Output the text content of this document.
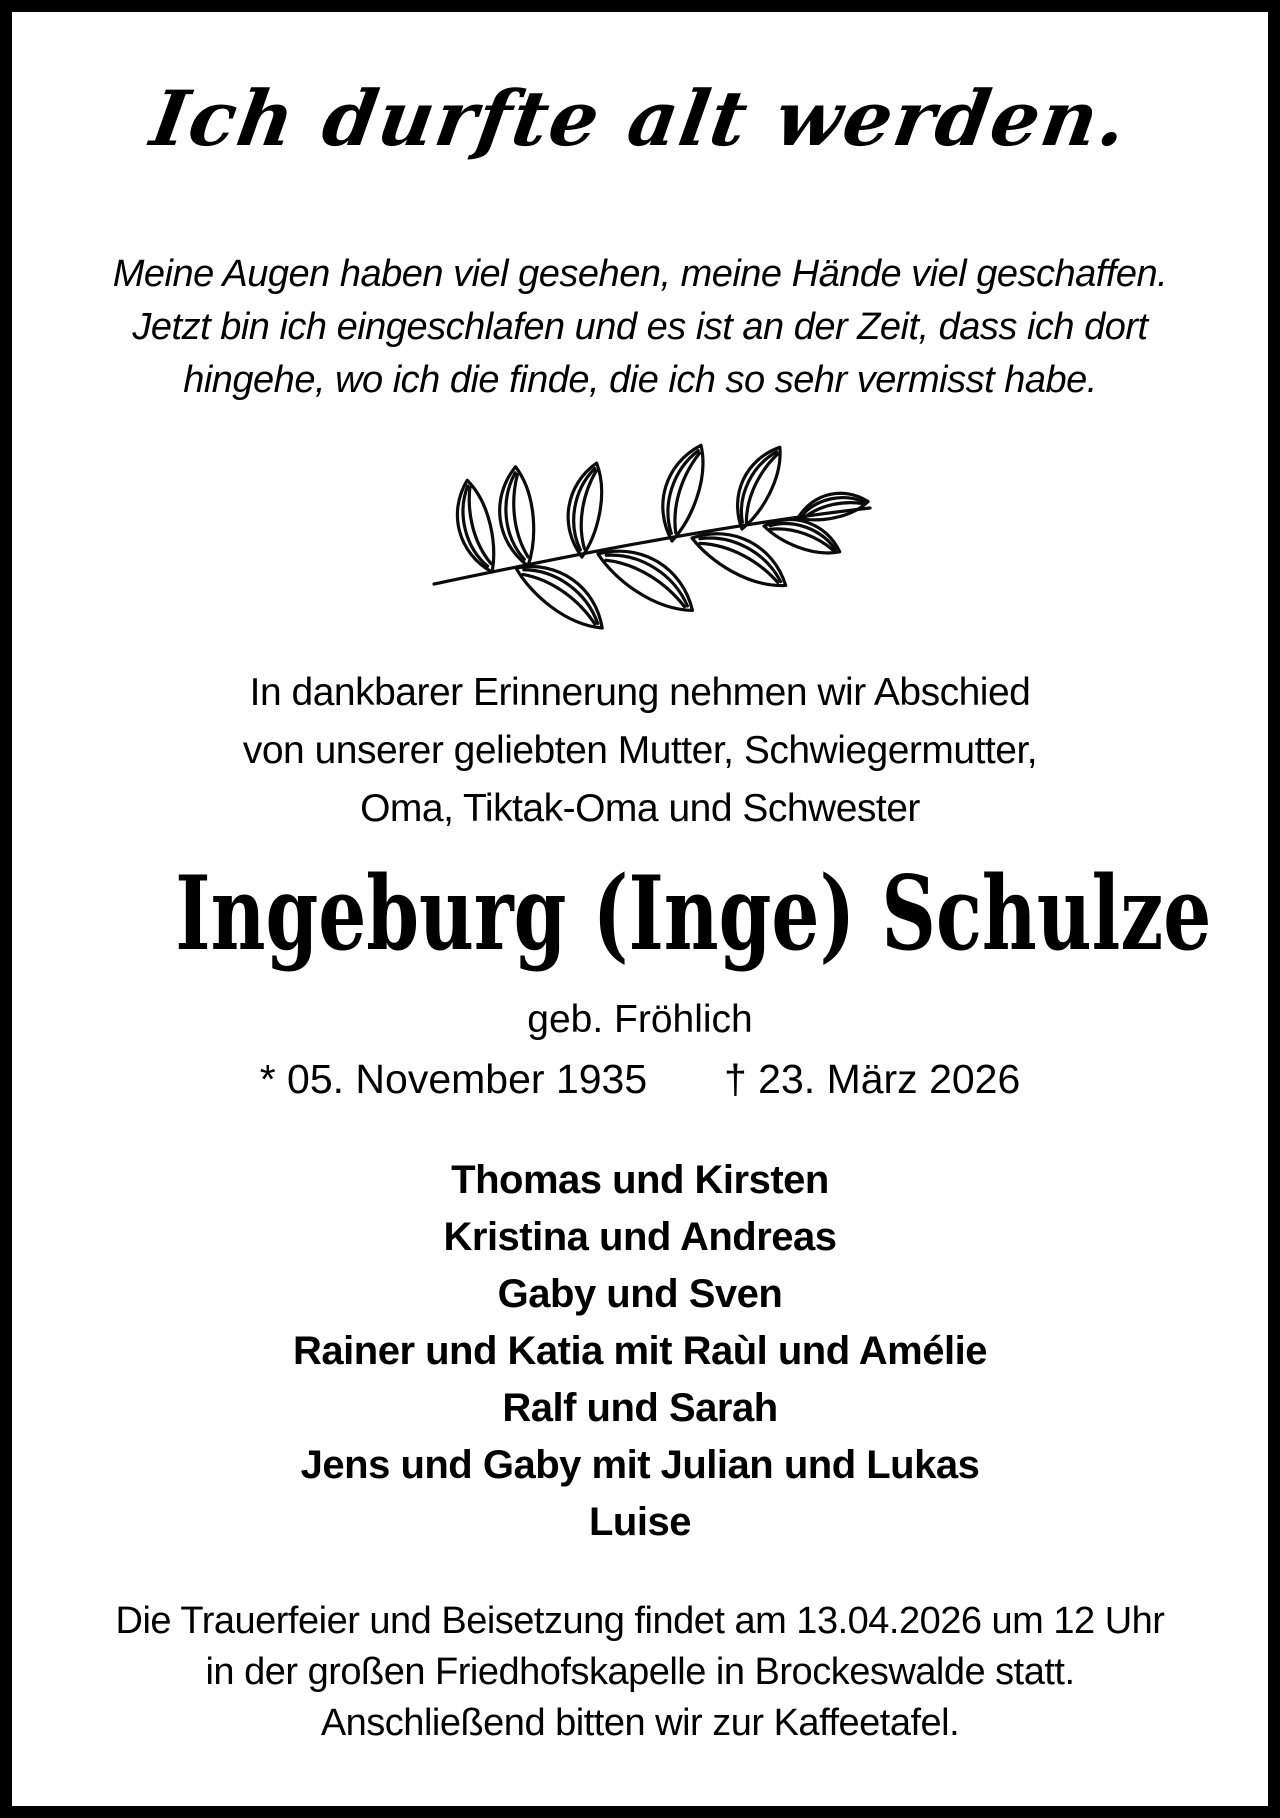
Ich durfte alt werden.
Meine Augen haben viel gesehen, meine Hände viel geschaffen.
Jetzt bin ich eingeschlafen und es ist an der Zeit, dass ich dort
hingehe, wo ich die finde, die ich so sehr vermisst habe.
In dankbarer Erinnerung nehmen wir Abschied
von unserer geliebten Mutter, Schwiegermutter,
Oma, Tiktak-Oma und Schwester
Ingeburg (Inge) Schulze
geb. Fröhlich
* 05. November 1935 † 23. März 2026
Thomas und Kirsten
Kristina und Andreas
Gaby und Sven
Rainer und Katia mit Raùl und Amélie
Ralf und Sarah
Jens und Gaby mit Julian und Lukas
Luise
Die Trauerfeier und Beisetzung findet am 13.04.2026 um 12 Uhr
in der großen Friedhofskapelle in Brockeswalde statt.
Anschließend bitten wir zur Kaffeetafel.
